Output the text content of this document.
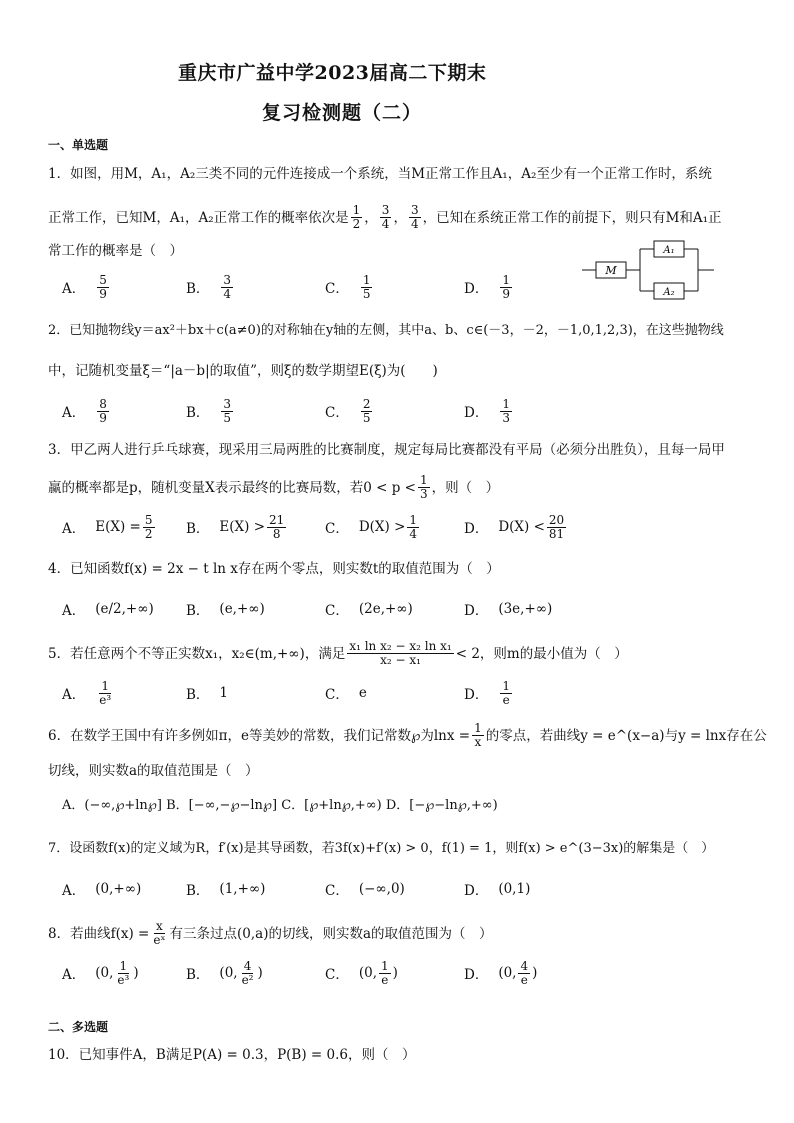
重庆市广益中学2023届高二下期末
复习检测题（二）
一、单选题
1．如图，用M，A₁，A₂三类不同的元件连接成一个系统，当M正常工作且A₁，A₂至少有一个正常工作时，系统
正常工作，已知M，A₁，A₂正常工作的概率依次是 $\frac{1}{2}$ ， $\frac{3}{4}$ ， $\frac{3}{4}$ ，已知在系统正常工作的前提下，则只有M和A₁正
常工作的概率是（　）
M
A₁
A₂
A． $\frac{5}{9}$	B． $\frac{3}{4}$	C． $\frac{1}{5}$	D． $\frac{1}{9}$
2．已知抛物线y＝ax²＋bx＋c(a≠0)的对称轴在y轴的左侧，其中a、b、c∈(－3，－2，－1,0,1,2,3)，在这些抛物线
中，记随机变量ξ＝“|a－b|的取值”，则ξ的数学期望E(ξ)为(　　)
A． $\frac{8}{9}$	B． $\frac{3}{5}$	C． $\frac{2}{5}$	D． $\frac{1}{3}$
3．甲乙两人进行乒乓球赛，现采用三局两胜的比赛制度，规定每局比赛都没有平局（必须分出胜负），且每一局甲
赢的概率都是p，随机变量X表示最终的比赛局数，若$0 < p < \frac{1}{3}$ ，则（　）
A． $E(X) = \frac{5}{2}$ B． $E(X) > \frac{21}{8}$	C． $D(X) > \frac{1}{4}$	D． $D(X) < \frac{20}{81}$
4．已知函数f(x) = 2x − t ln x存在两个零点，则实数t的取值范围为（　）
A． (e/2,+∞) B． (e,+∞)	C． (2e,+∞)	D． (3e,+∞)
5．若任意两个不等正实数x₁，x₂∈(m,+∞)，满足 $\frac{\text{x₁ ln x₂ − x₂ ln x₁}}{\text{x₂ − x₁}} < 2$，则m的最小值为（　）
A． $\frac{1}{\text{e³}}$	B． 1	C． e	D． $\frac{1}{e}$
6．在数学王国中有许多例如π，e等美妙的常数，我们记常数℘为$\ln x = \frac{1}{x}$ 的零点，若曲线y = e^(x−a)与y = lnx存在公
切线，则实数a的取值范围是（　）
A．(−∞,℘+ln℘] B．[−∞,−℘−ln℘] C．[℘+ln℘,+∞) D．[−℘−ln℘,+∞)
7．设函数f(x)的定义域为R，f′(x)是其导函数，若3f(x)+f′(x) > 0，f(1) = 1，则f(x) > e^(3−3x)的解集是（　）
A． (0,+∞)	B． (1,+∞)	C． (−∞,0)	D． (0,1)
8．若曲线$f(x) = \frac{x}{\text{eˣ}}$ 有三条过点(0,a)的切线，则实数a的取值范围为（　）
A． (0, $\frac{1}{\text{e³}}$ )	B． (0, $\frac{4}{\text{e²}}$ )	C． (0, $\frac{1}{e}$ )	D． (0, $\frac{4}{e}$ )
二、多选题
10．已知事件A，B满足P(A) = 0.3，P(B) = 0.6，则（　）
